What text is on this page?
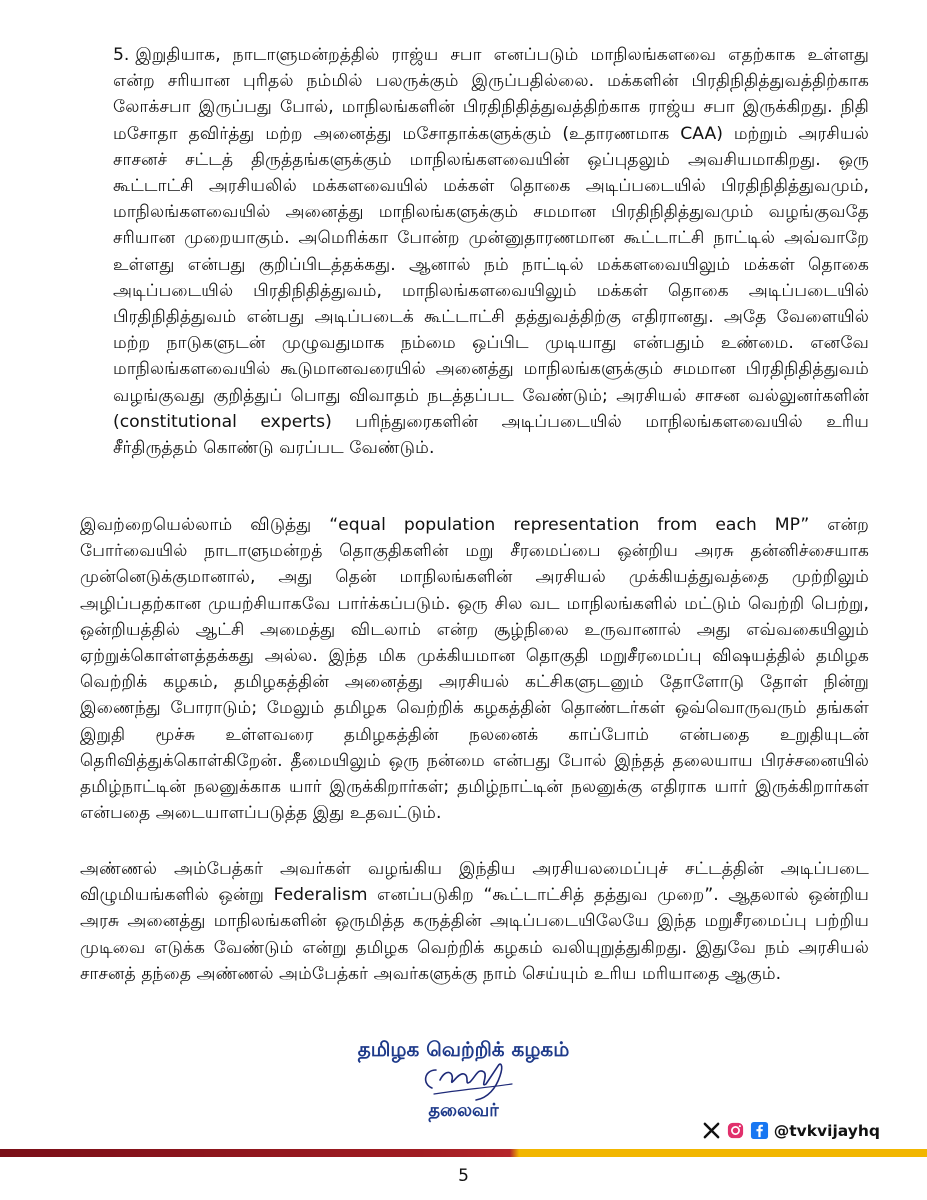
5. இறுதியாக, நாடாளுமன்றத்தில் ராஜ்ய சபா எனப்படும் மாநிலங்களவை எதற்காக உள்ளது என்ற சரியான புரிதல் நம்மில் பலருக்கும் இருப்பதில்லை. மக்களின் பிரதிநிதித்துவத்திற்காக லோக்சபா இருப்பது போல், மாநிலங்களின் பிரதிநிதித்துவத்திற்காக ராஜ்ய சபா இருக்கிறது. நிதி மசோதா தவிர்த்து மற்ற அனைத்து மசோதாக்களுக்கும் (உதாரணமாக CAA) மற்றும் அரசியல் சாசனச் சட்டத் திருத்தங்களுக்கும் மாநிலங்களவையின் ஒப்புதலும் அவசியமாகிறது. ஒரு கூட்டாட்சி அரசியலில் மக்களவையில் மக்கள் தொகை அடிப்படையில் பிரதிநிதித்துவமும், மாநிலங்களவையில் அனைத்து மாநிலங்களுக்கும் சமமான பிரதிநிதித்துவமும் வழங்குவதே சரியான முறையாகும். அமெரிக்கா போன்ற முன்னுதாரணமான கூட்டாட்சி நாட்டில் அவ்வாறே உள்ளது என்பது குறிப்பிடத்தக்கது. ஆனால் நம் நாட்டில் மக்களவையிலும் மக்கள் தொகை அடிப்படையில் பிரதிநிதித்துவம், மாநிலங்களவையிலும் மக்கள் தொகை அடிப்படையில் பிரதிநிதித்துவம் என்பது அடிப்படைக் கூட்டாட்சி தத்துவத்திற்கு எதிரானது. அதே வேளையில் மற்ற நாடுகளுடன் முழுவதுமாக நம்மை ஒப்பிட முடியாது என்பதும் உண்மை. எனவே மாநிலங்களவையில் கூடுமானவரையில் அனைத்து மாநிலங்களுக்கும் சமமான பிரதிநிதித்துவம் வழங்குவது குறித்துப் பொது விவாதம் நடத்தப்பட வேண்டும்; அரசியல் சாசன வல்லுனர்களின் (constitutional experts) பரிந்துரைகளின் அடிப்படையில் மாநிலங்களவையில் உரிய சீர்திருத்தம் கொண்டு வரப்பட வேண்டும்.

இவற்றையெல்லாம் விடுத்து “equal population representation from each MP” என்ற போர்வையில் நாடாளுமன்றத் தொகுதிகளின் மறு சீரமைப்பை ஒன்றிய அரசு தன்னிச்சையாக முன்னெடுக்குமானால், அது தென் மாநிலங்களின் அரசியல் முக்கியத்துவத்தை முற்றிலும் அழிப்பதற்கான முயற்சியாகவே பார்க்கப்படும். ஒரு சில வட மாநிலங்களில் மட்டும் வெற்றி பெற்று, ஒன்றியத்தில் ஆட்சி அமைத்து விடலாம் என்ற சூழ்நிலை உருவானால் அது எவ்வகையிலும் ஏற்றுக்கொள்ளத்தக்கது அல்ல. இந்த மிக முக்கியமான தொகுதி மறுசீரமைப்பு விஷயத்தில் தமிழக வெற்றிக் கழகம், தமிழகத்தின் அனைத்து அரசியல் கட்சிகளுடனும் தோளோடு தோள் நின்று இணைந்து போராடும்; மேலும் தமிழக வெற்றிக் கழகத்தின் தொண்டர்கள் ஒவ்வொருவரும் தங்கள் இறுதி மூச்சு உள்ளவரை தமிழகத்தின் நலனைக் காப்போம் என்பதை உறுதியுடன் தெரிவித்துக்கொள்கிறேன். தீமையிலும் ஒரு நன்மை என்பது போல் இந்தத் தலையாய பிரச்சனையில் தமிழ்நாட்டின் நலனுக்காக யார் இருக்கிறார்கள்; தமிழ்நாட்டின் நலனுக்கு எதிராக யார் இருக்கிறார்கள் என்பதை அடையாளப்படுத்த இது உதவட்டும்.

அண்ணல் அம்பேத்கர் அவர்கள் வழங்கிய இந்திய அரசியலமைப்புச் சட்டத்தின் அடிப்படை விழுமியங்களில் ஒன்று Federalism எனப்படுகிற “கூட்டாட்சித் தத்துவ முறை”. ஆதலால் ஒன்றிய அரசு அனைத்து மாநிலங்களின் ஒருமித்த கருத்தின் அடிப்படையிலேயே இந்த மறுசீரமைப்பு பற்றிய முடிவை எடுக்க வேண்டும் என்று தமிழக வெற்றிக் கழகம் வலியுறுத்துகிறது. இதுவே நம் அரசியல் சாசனத் தந்தை அண்ணல் அம்பேத்கர் அவர்களுக்கு நாம் செய்யும் உரிய மரியாதை ஆகும்.

தமிழக வெற்றிக் கழகம்
தலைவர்
@tvkvijayhq
5
